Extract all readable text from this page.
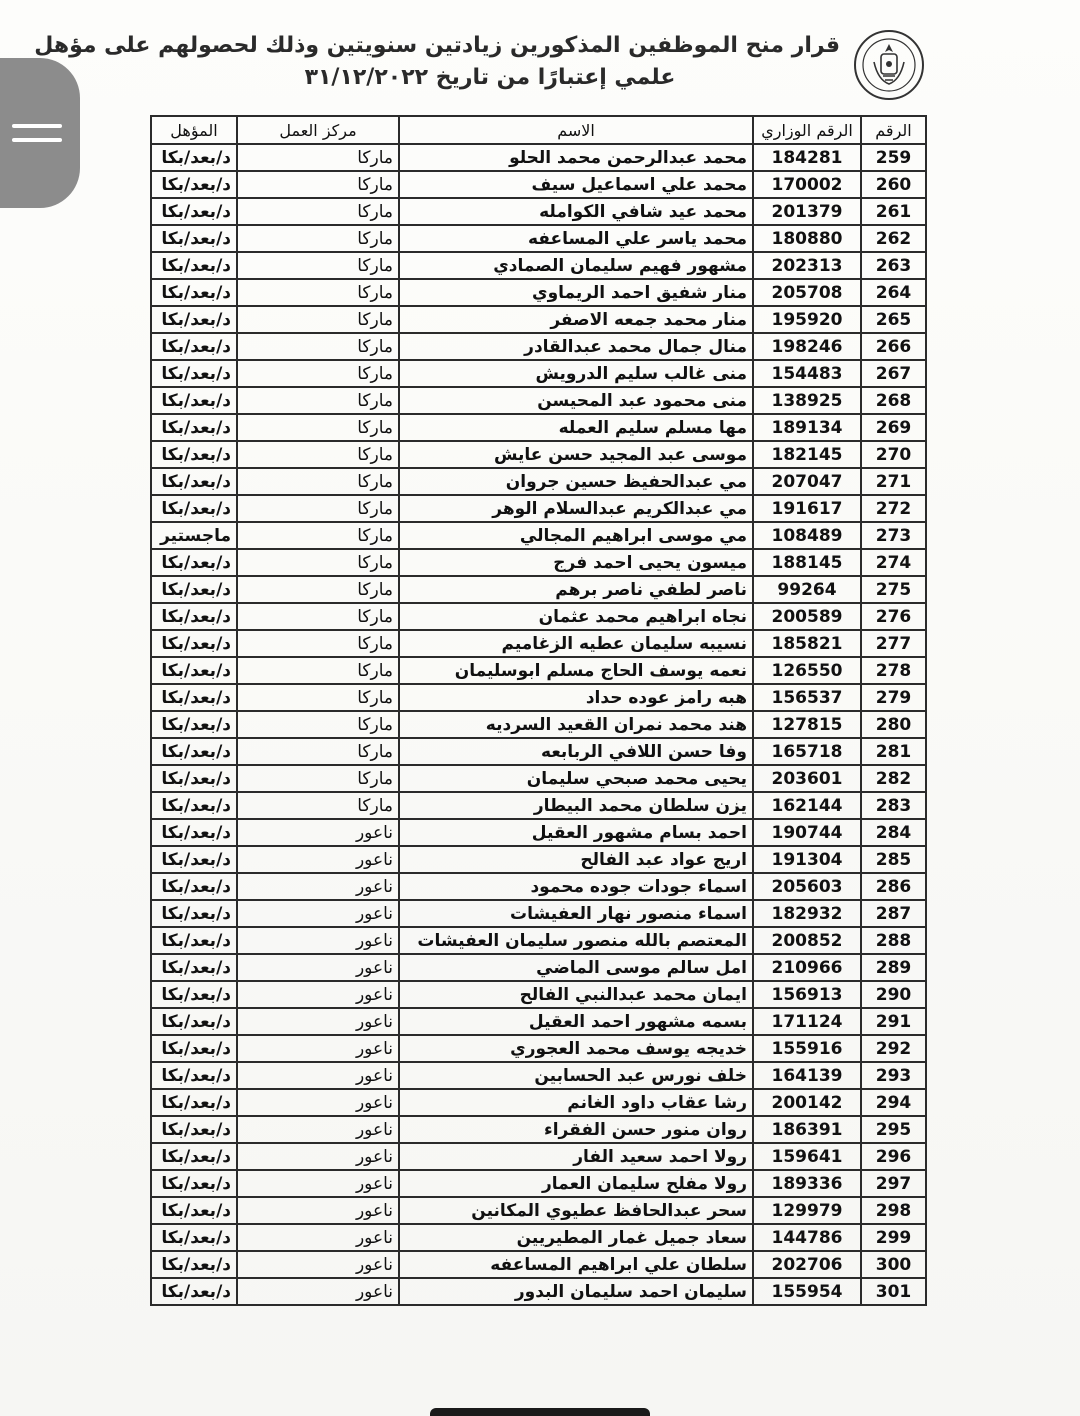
قرار منح الموظفين المذكورين زيادتين سنويتين وذلك لحصولهم على مؤهل
علمي إعتبارًا من تاريخ ٣١/١٢/٢٠٢٢
الرقم	الرقم الوزاري	الاسم	مركز العمل	المؤهل
259	184281	محمد عبدالرحمن محمد الحلو	ماركا	د/بعد/بكا
260	170002	محمد علي اسماعيل سيف	ماركا	د/بعد/بكا
261	201379	محمد عيد شافي الكوامله	ماركا	د/بعد/بكا
262	180880	محمد ياسر علي المساعفه	ماركا	د/بعد/بكا
263	202313	مشهور فهيم سليمان الصمادي	ماركا	د/بعد/بكا
264	205708	منار شفيق احمد الريماوي	ماركا	د/بعد/بكا
265	195920	منار محمد جمعه الاصفر	ماركا	د/بعد/بكا
266	198246	منال جمال محمد عبدالقادر	ماركا	د/بعد/بكا
267	154483	منى غالب سليم الدرويش	ماركا	د/بعد/بكا
268	138925	منى محمود عبد المحيسن	ماركا	د/بعد/بكا
269	189134	مها مسلم سليم العمله	ماركا	د/بعد/بكا
270	182145	موسى عبد المجيد حسن عايش	ماركا	د/بعد/بكا
271	207047	مي عبدالحفيظ حسين جروان	ماركا	د/بعد/بكا
272	191617	مي عبدالكريم عبدالسلام الوهر	ماركا	د/بعد/بكا
273	108489	مي موسى ابراهيم المجالي	ماركا	ماجستير
274	188145	ميسون يحيى احمد فرج	ماركا	د/بعد/بكا
275	99264	ناصر لطفي ناصر برهم	ماركا	د/بعد/بكا
276	200589	نجاه ابراهيم محمد عثمان	ماركا	د/بعد/بكا
277	185821	نسيبه سليمان عطيه الزغاميم	ماركا	د/بعد/بكا
278	126550	نعمه يوسف الحاج مسلم ابوسليمان	ماركا	د/بعد/بكا
279	156537	هبه رامز عوده حداد	ماركا	د/بعد/بكا
280	127815	هند محمد نمران القعيد السرديه	ماركا	د/بعد/بكا
281	165718	وفا حسن اللافي الربابعه	ماركا	د/بعد/بكا
282	203601	يحيى محمد صبحي سليمان	ماركا	د/بعد/بكا
283	162144	يزن سلطان محمد البيطار	ماركا	د/بعد/بكا
284	190744	احمد بسام مشهور العقيل	ناعور	د/بعد/بكا
285	191304	اريج عواد عبد الفالح	ناعور	د/بعد/بكا
286	205603	اسماء جودات جوده محمود	ناعور	د/بعد/بكا
287	182932	اسماء منصور نهار العفيشات	ناعور	د/بعد/بكا
288	200852	المعتصم بالله منصور سليمان العفيشات	ناعور	د/بعد/بكا
289	210966	امل سالم موسى الماضي	ناعور	د/بعد/بكا
290	156913	ايمان محمد عبدالنبي الفالح	ناعور	د/بعد/بكا
291	171124	بسمه مشهور احمد العقيل	ناعور	د/بعد/بكا
292	155916	خديجه يوسف محمد العجوري	ناعور	د/بعد/بكا
293	164139	خلف نورس عبد الحسابين	ناعور	د/بعد/بكا
294	200142	رشا عقاب داود الغانم	ناعور	د/بعد/بكا
295	186391	روان منور حسن الفقراء	ناعور	د/بعد/بكا
296	159641	رولا احمد سعيد الفار	ناعور	د/بعد/بكا
297	189336	رولا مفلح سليمان العمار	ناعور	د/بعد/بكا
298	129979	سحر عبدالحافظ عطيوي المكانين	ناعور	د/بعد/بكا
299	144786	سعاد جميل غمار المطيريين	ناعور	د/بعد/بكا
300	202706	سلطان علي ابراهيم المساعفه	ناعور	د/بعد/بكا
301	155954	سليمان احمد سليمان البدور	ناعور	د/بعد/بكا
